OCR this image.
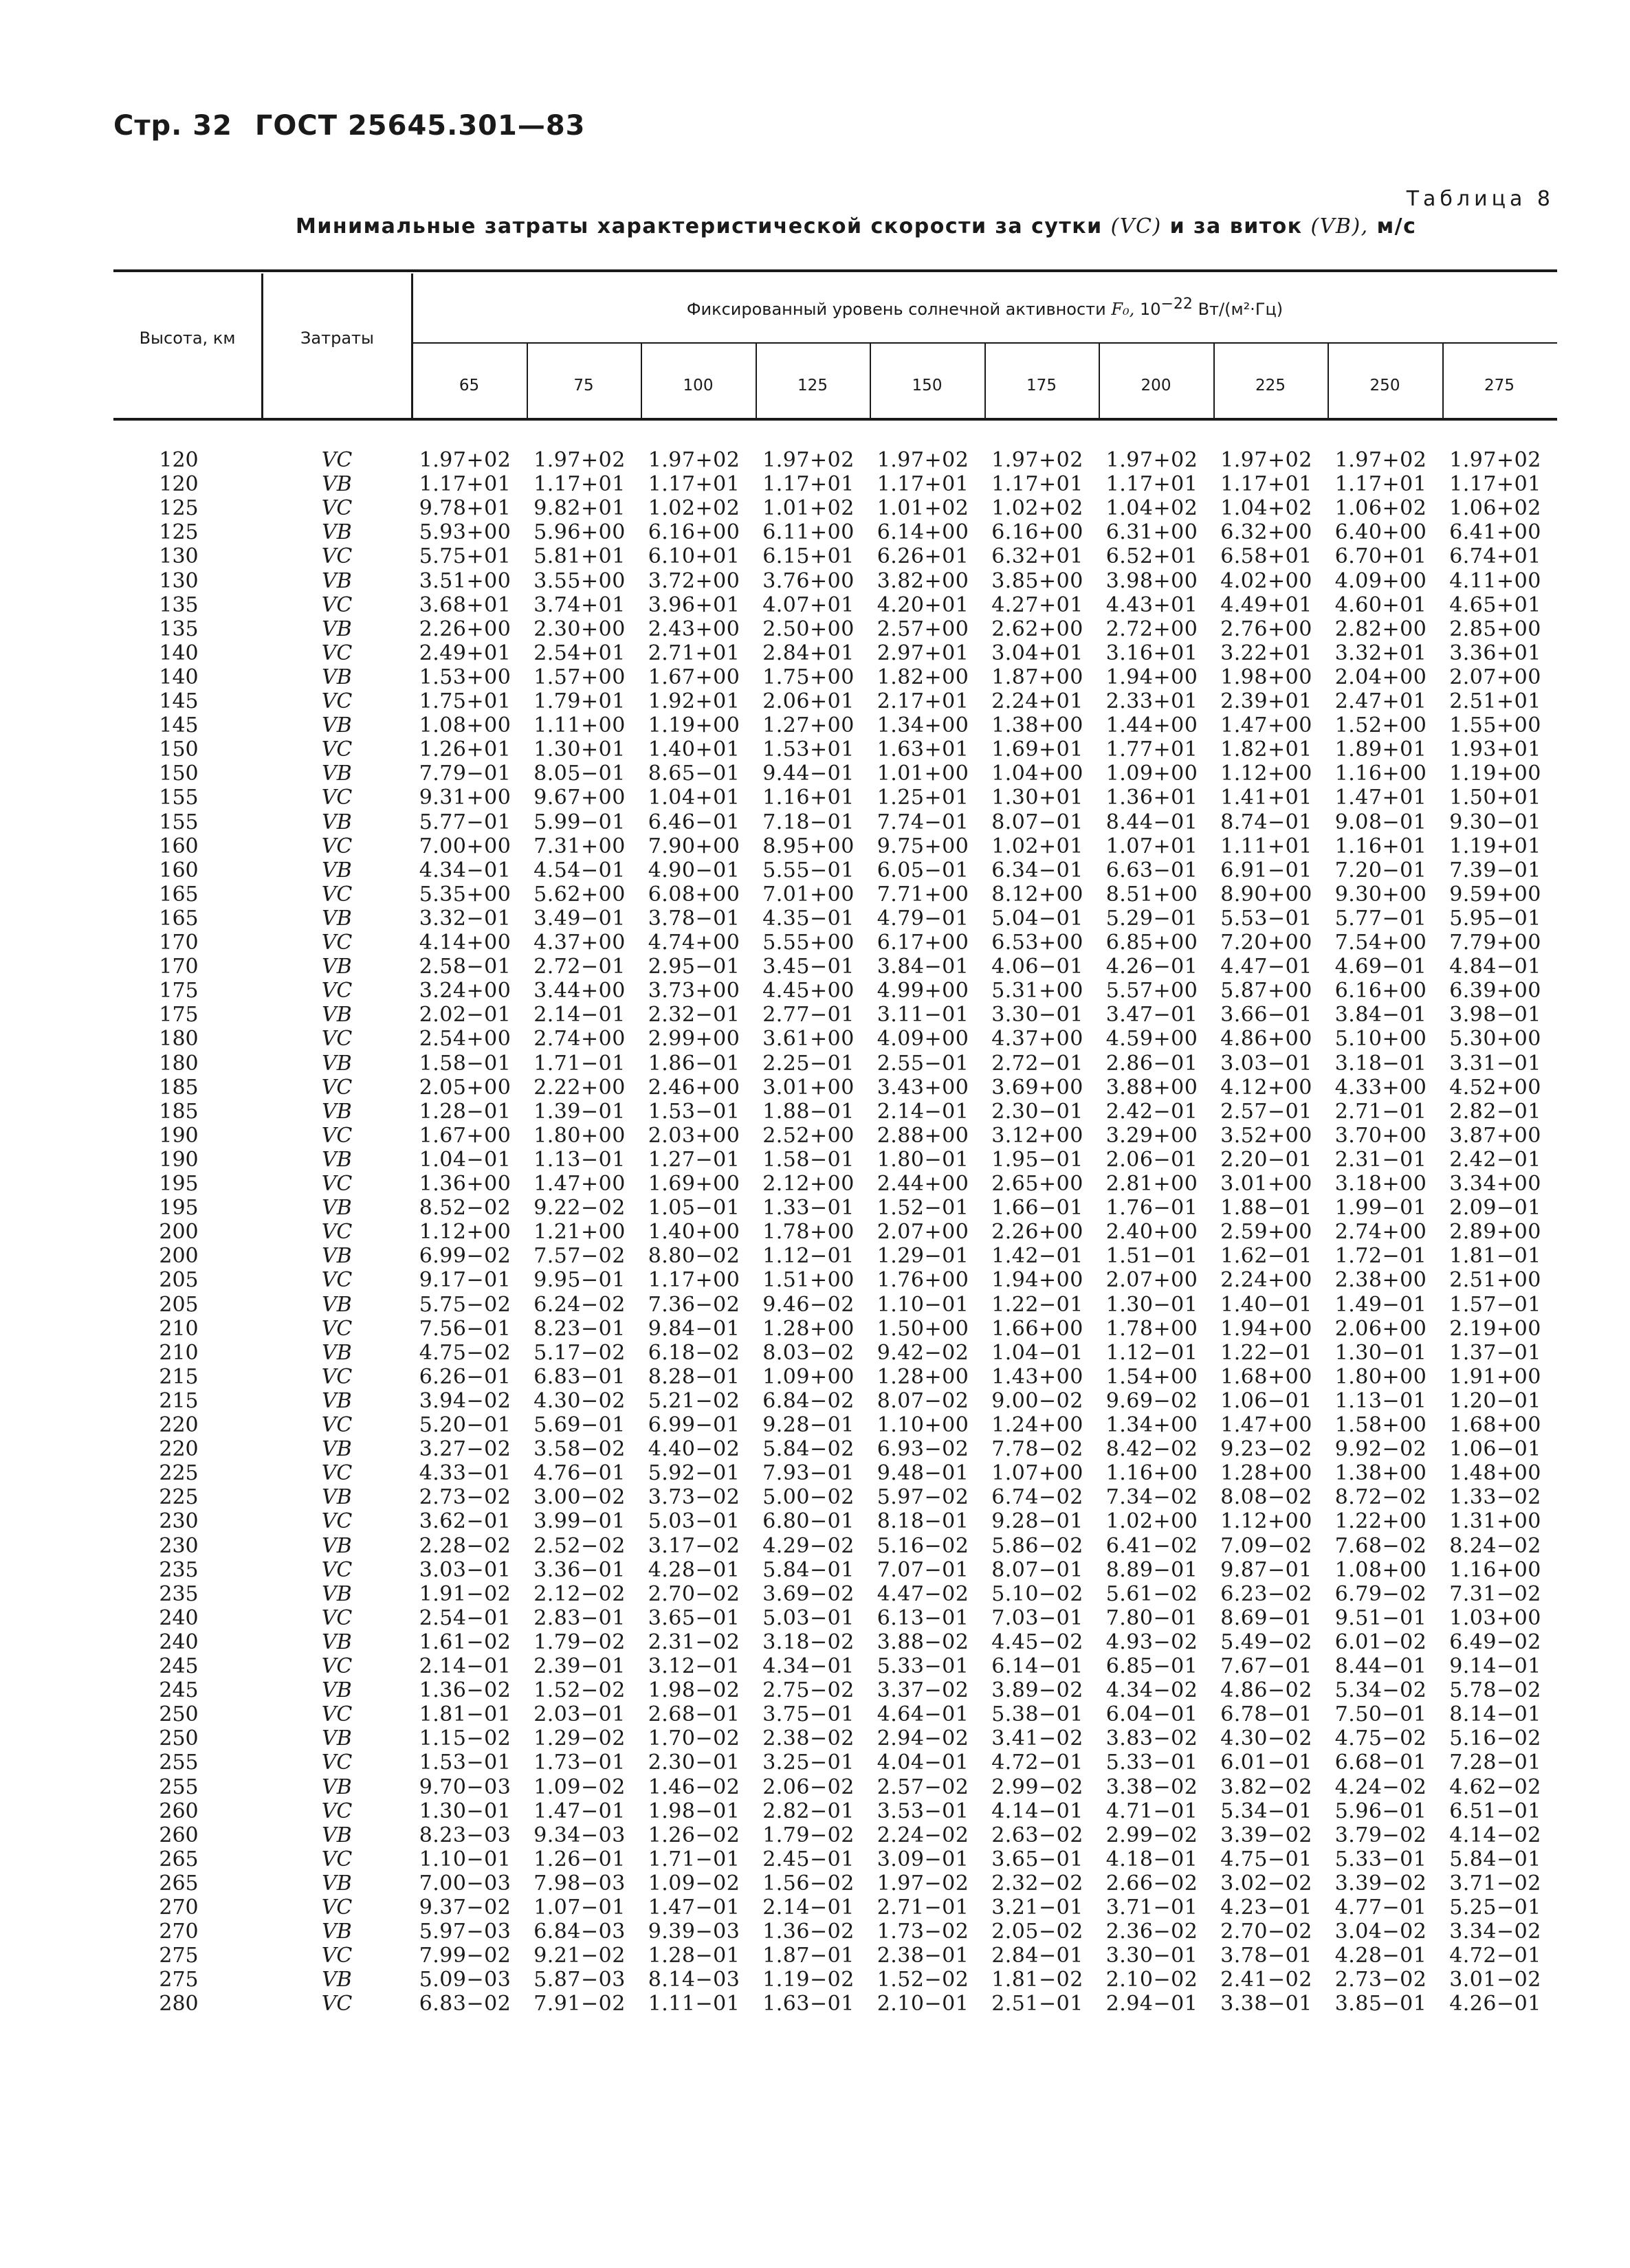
Стр. 32 ГОСТ 25645.301—83
Таблица 8
Минимальные затраты характеристической скорости за сутки (VC) и за виток (VB), м/с
Высота, км	Затраты
Фиксированный уровень солнечной активности F₀, $10^{-22}$ Вт/(м²·Гц)
65	75	100	125	150	175	200	225	250	275
120	VC	1.97+02	1.97+02	1.97+02	1.97+02	1.97+02	1.97+02	1.97+02	1.97+02	1.97+02	1.97+02
120	VB	1.17+01	1.17+01	1.17+01	1.17+01	1.17+01	1.17+01	1.17+01	1.17+01	1.17+01	1.17+01
125	VC	9.78+01	9.82+01	1.02+02	1.01+02	1.01+02	1.02+02	1.04+02	1.04+02	1.06+02	1.06+02
125	VB	5.93+00	5.96+00	6.16+00	6.11+00	6.14+00	6.16+00	6.31+00	6.32+00	6.40+00	6.41+00
130	VC	5.75+01	5.81+01	6.10+01	6.15+01	6.26+01	6.32+01	6.52+01	6.58+01	6.70+01	6.74+01
130	VB	3.51+00	3.55+00	3.72+00	3.76+00	3.82+00	3.85+00	3.98+00	4.02+00	4.09+00	4.11+00
135	VC	3.68+01	3.74+01	3.96+01	4.07+01	4.20+01	4.27+01	4.43+01	4.49+01	4.60+01	4.65+01
135	VB	2.26+00	2.30+00	2.43+00	2.50+00	2.57+00	2.62+00	2.72+00	2.76+00	2.82+00	2.85+00
140	VC	2.49+01	2.54+01	2.71+01	2.84+01	2.97+01	3.04+01	3.16+01	3.22+01	3.32+01	3.36+01
140	VB	1.53+00	1.57+00	1.67+00	1.75+00	1.82+00	1.87+00	1.94+00	1.98+00	2.04+00	2.07+00
145	VC	1.75+01	1.79+01	1.92+01	2.06+01	2.17+01	2.24+01	2.33+01	2.39+01	2.47+01	2.51+01
145	VB	1.08+00	1.11+00	1.19+00	1.27+00	1.34+00	1.38+00	1.44+00	1.47+00	1.52+00	1.55+00
150	VC	1.26+01	1.30+01	1.40+01	1.53+01	1.63+01	1.69+01	1.77+01	1.82+01	1.89+01	1.93+01
150	VB	7.79−01	8.05−01	8.65−01	9.44−01	1.01+00	1.04+00	1.09+00	1.12+00	1.16+00	1.19+00
155	VC	9.31+00	9.67+00	1.04+01	1.16+01	1.25+01	1.30+01	1.36+01	1.41+01	1.47+01	1.50+01
155	VB	5.77−01	5.99−01	6.46−01	7.18−01	7.74−01	8.07−01	8.44−01	8.74−01	9.08−01	9.30−01
160	VC	7.00+00	7.31+00	7.90+00	8.95+00	9.75+00	1.02+01	1.07+01	1.11+01	1.16+01	1.19+01
160	VB	4.34−01	4.54−01	4.90−01	5.55−01	6.05−01	6.34−01	6.63−01	6.91−01	7.20−01	7.39−01
165	VC	5.35+00	5.62+00	6.08+00	7.01+00	7.71+00	8.12+00	8.51+00	8.90+00	9.30+00	9.59+00
165	VB	3.32−01	3.49−01	3.78−01	4.35−01	4.79−01	5.04−01	5.29−01	5.53−01	5.77−01	5.95−01
170	VC	4.14+00	4.37+00	4.74+00	5.55+00	6.17+00	6.53+00	6.85+00	7.20+00	7.54+00	7.79+00
170	VB	2.58−01	2.72−01	2.95−01	3.45−01	3.84−01	4.06−01	4.26−01	4.47−01	4.69−01	4.84−01
175	VC	3.24+00	3.44+00	3.73+00	4.45+00	4.99+00	5.31+00	5.57+00	5.87+00	6.16+00	6.39+00
175	VB	2.02−01	2.14−01	2.32−01	2.77−01	3.11−01	3.30−01	3.47−01	3.66−01	3.84−01	3.98−01
180	VC	2.54+00	2.74+00	2.99+00	3.61+00	4.09+00	4.37+00	4.59+00	4.86+00	5.10+00	5.30+00
180	VB	1.58−01	1.71−01	1.86−01	2.25−01	2.55−01	2.72−01	2.86−01	3.03−01	3.18−01	3.31−01
185	VC	2.05+00	2.22+00	2.46+00	3.01+00	3.43+00	3.69+00	3.88+00	4.12+00	4.33+00	4.52+00
185	VB	1.28−01	1.39−01	1.53−01	1.88−01	2.14−01	2.30−01	2.42−01	2.57−01	2.71−01	2.82−01
190	VC	1.67+00	1.80+00	2.03+00	2.52+00	2.88+00	3.12+00	3.29+00	3.52+00	3.70+00	3.87+00
190	VB	1.04−01	1.13−01	1.27−01	1.58−01	1.80−01	1.95−01	2.06−01	2.20−01	2.31−01	2.42−01
195	VC	1.36+00	1.47+00	1.69+00	2.12+00	2.44+00	2.65+00	2.81+00	3.01+00	3.18+00	3.34+00
195	VB	8.52−02	9.22−02	1.05−01	1.33−01	1.52−01	1.66−01	1.76−01	1.88−01	1.99−01	2.09−01
200	VC	1.12+00	1.21+00	1.40+00	1.78+00	2.07+00	2.26+00	2.40+00	2.59+00	2.74+00	2.89+00
200	VB	6.99−02	7.57−02	8.80−02	1.12−01	1.29−01	1.42−01	1.51−01	1.62−01	1.72−01	1.81−01
205	VC	9.17−01	9.95−01	1.17+00	1.51+00	1.76+00	1.94+00	2.07+00	2.24+00	2.38+00	2.51+00
205	VB	5.75−02	6.24−02	7.36−02	9.46−02	1.10−01	1.22−01	1.30−01	1.40−01	1.49−01	1.57−01
210	VC	7.56−01	8.23−01	9.84−01	1.28+00	1.50+00	1.66+00	1.78+00	1.94+00	2.06+00	2.19+00
210	VB	4.75−02	5.17−02	6.18−02	8.03−02	9.42−02	1.04−01	1.12−01	1.22−01	1.30−01	1.37−01
215	VC	6.26−01	6.83−01	8.28−01	1.09+00	1.28+00	1.43+00	1.54+00	1.68+00	1.80+00	1.91+00
215	VB	3.94−02	4.30−02	5.21−02	6.84−02	8.07−02	9.00−02	9.69−02	1.06−01	1.13−01	1.20−01
220	VC	5.20−01	5.69−01	6.99−01	9.28−01	1.10+00	1.24+00	1.34+00	1.47+00	1.58+00	1.68+00
220	VB	3.27−02	3.58−02	4.40−02	5.84−02	6.93−02	7.78−02	8.42−02	9.23−02	9.92−02	1.06−01
225	VC	4.33−01	4.76−01	5.92−01	7.93−01	9.48−01	1.07+00	1.16+00	1.28+00	1.38+00	1.48+00
225	VB	2.73−02	3.00−02	3.73−02	5.00−02	5.97−02	6.74−02	7.34−02	8.08−02	8.72−02	1.33−02
230	VC	3.62−01	3.99−01	5.03−01	6.80−01	8.18−01	9.28−01	1.02+00	1.12+00	1.22+00	1.31+00
230	VB	2.28−02	2.52−02	3.17−02	4.29−02	5.16−02	5.86−02	6.41−02	7.09−02	7.68−02	8.24−02
235	VC	3.03−01	3.36−01	4.28−01	5.84−01	7.07−01	8.07−01	8.89−01	9.87−01	1.08+00	1.16+00
235	VB	1.91−02	2.12−02	2.70−02	3.69−02	4.47−02	5.10−02	5.61−02	6.23−02	6.79−02	7.31−02
240	VC	2.54−01	2.83−01	3.65−01	5.03−01	6.13−01	7.03−01	7.80−01	8.69−01	9.51−01	1.03+00
240	VB	1.61−02	1.79−02	2.31−02	3.18−02	3.88−02	4.45−02	4.93−02	5.49−02	6.01−02	6.49−02
245	VC	2.14−01	2.39−01	3.12−01	4.34−01	5.33−01	6.14−01	6.85−01	7.67−01	8.44−01	9.14−01
245	VB	1.36−02	1.52−02	1.98−02	2.75−02	3.37−02	3.89−02	4.34−02	4.86−02	5.34−02	5.78−02
250	VC	1.81−01	2.03−01	2.68−01	3.75−01	4.64−01	5.38−01	6.04−01	6.78−01	7.50−01	8.14−01
250	VB	1.15−02	1.29−02	1.70−02	2.38−02	2.94−02	3.41−02	3.83−02	4.30−02	4.75−02	5.16−02
255	VC	1.53−01	1.73−01	2.30−01	3.25−01	4.04−01	4.72−01	5.33−01	6.01−01	6.68−01	7.28−01
255	VB	9.70−03	1.09−02	1.46−02	2.06−02	2.57−02	2.99−02	3.38−02	3.82−02	4.24−02	4.62−02
260	VC	1.30−01	1.47−01	1.98−01	2.82−01	3.53−01	4.14−01	4.71−01	5.34−01	5.96−01	6.51−01
260	VB	8.23−03	9.34−03	1.26−02	1.79−02	2.24−02	2.63−02	2.99−02	3.39−02	3.79−02	4.14−02
265	VC	1.10−01	1.26−01	1.71−01	2.45−01	3.09−01	3.65−01	4.18−01	4.75−01	5.33−01	5.84−01
265	VB	7.00−03	7.98−03	1.09−02	1.56−02	1.97−02	2.32−02	2.66−02	3.02−02	3.39−02	3.71−02
270	VC	9.37−02	1.07−01	1.47−01	2.14−01	2.71−01	3.21−01	3.71−01	4.23−01	4.77−01	5.25−01
270	VB	5.97−03	6.84−03	9.39−03	1.36−02	1.73−02	2.05−02	2.36−02	2.70−02	3.04−02	3.34−02
275	VC	7.99−02	9.21−02	1.28−01	1.87−01	2.38−01	2.84−01	3.30−01	3.78−01	4.28−01	4.72−01
275	VB	5.09−03	5.87−03	8.14−03	1.19−02	1.52−02	1.81−02	2.10−02	2.41−02	2.73−02	3.01−02
280	VC	6.83−02	7.91−02	1.11−01	1.63−01	2.10−01	2.51−01	2.94−01	3.38−01	3.85−01	4.26−01
